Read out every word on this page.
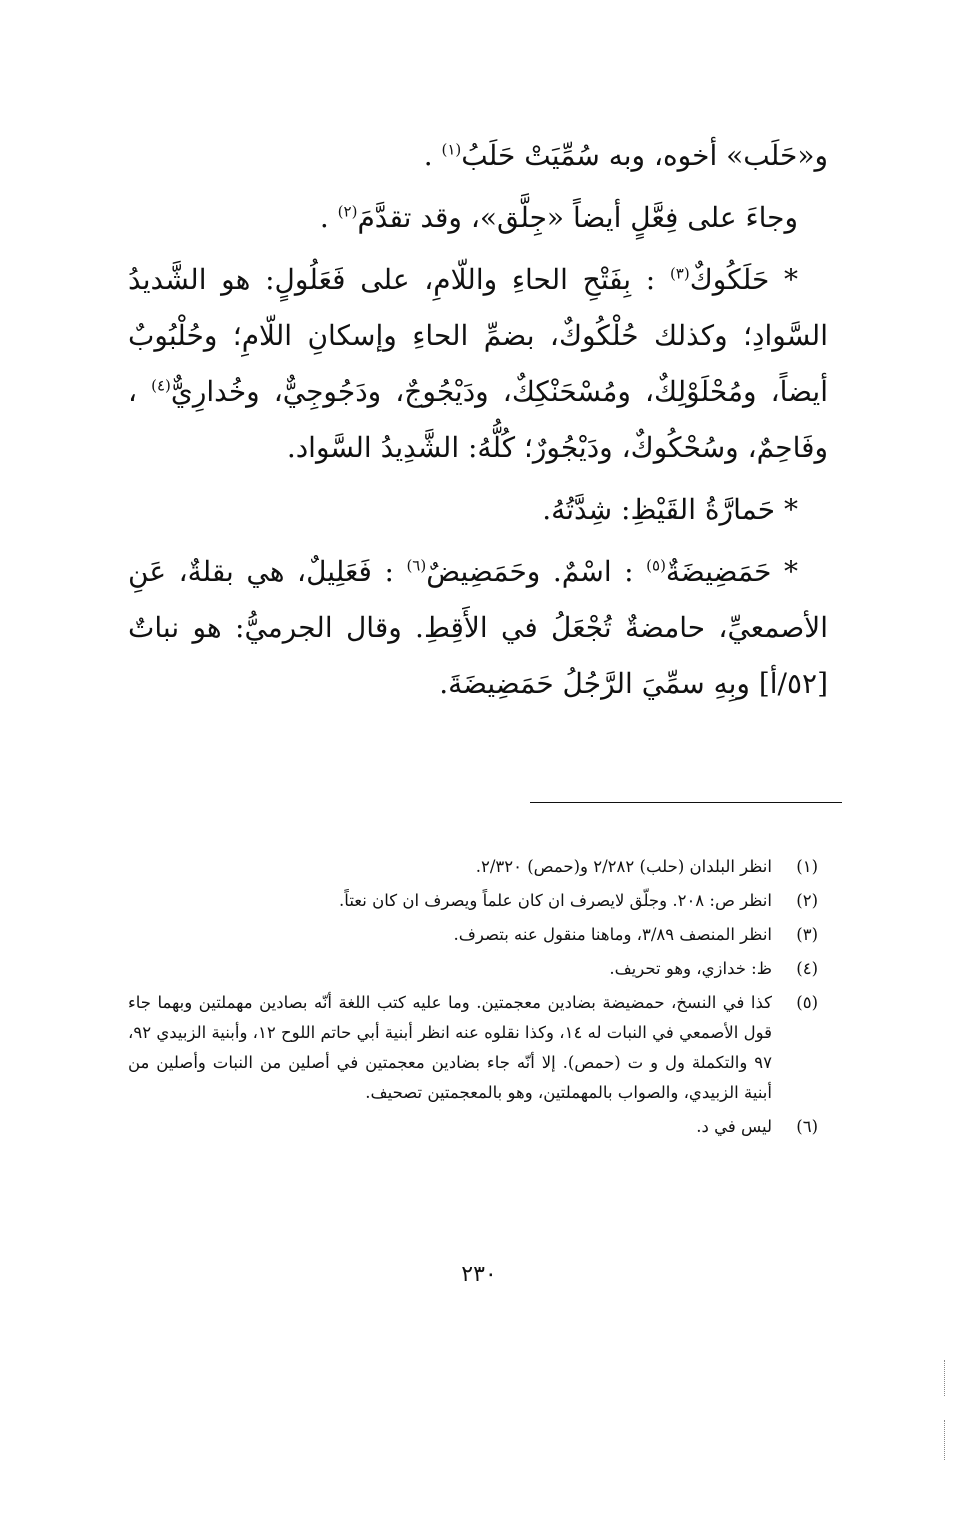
و«حَلَب» أخوه، وبه سُمِّيَتْ حَلَبُ$^{(١)}$ .

وجاءَ على فِعَّلٍ أيضاً «جِلَّق»، وقد تقدَّمَ$^{(٢)}$ .

* حَلَكُوكٌ$^{(٣)}$ : بِفَتْحِ الحاءِ واللّامِ، على فَعَلُولٍ: هو الشَّديدُ السَّوادِ؛ وكذلك حُلْكُوكٌ، بضمِّ الحاءِ وإسكانِ اللّامِ؛ وحُلْبُوبٌ أيضاً، ومُحْلَوْلِكٌ، ومُسْحَنْكِكٌ، ودَيْجُوجٌ، ودَجُوجِيٌّ، وخُدارِيٌّ$^{(٤)}$ ، وفَاحِمٌ، وسُحْكُوكٌ، ودَيْجُورٌ؛ كُلُّهُ: الشَّدِيدُ السَّواد.

* حَمارَّةُ القَيْظِ: شِدَّتُهُ.

* حَمَضِيضَةٌ$^{(٥)}$ : اسْمٌ. وحَمَضِيضٌ$^{(٦)}$ : فَعَلِيلٌ، هي بقلةٌ، عَنِ الأصمعيِّ، حامضةٌ تُجْعَلُ في الأَقِطِ. وقال الجرميُّ: هو نباتٌ [٥٢/أ] وبِهِ سمِّيَ الرَّجُلُ حَمَضِيضَةَ.

(١)
انظر البلدان (حلب) ٢/٢٨٢ و(حمص) ٢/٣٢٠.
(٢)
انظر ص: ٢٠٨. وجلّق لايصرف ان كان علماً ويصرف ان كان نعتاً.
(٣)
انظر المنصف ٣/٨٩، وماهنا منقول عنه بتصرف.
(٤)
ظ: خدازي، وهو تحريف.
(٥)
كذا في النسخ، حمضيضة بضادين معجمتين. وما عليه كتب اللغة أنّه بصادين مهملتين وبهما جاء قول الأصمعي في النبات له ١٤، وكذا نقلوه عنه انظر أبنية أبي حاتم اللوح ١٢، وأبنية الزبيدي ٩٢، ٩٧ والتكملة ول و ت (حمص). إلا أنّه جاء بضادين معجمتين في أصلين من النبات وأصلين من أبنية الزبيدي، والصواب بالمهملتين، وهو بالمعجمتين تصحيف.
(٦)
ليس في د.
٢٣٠
